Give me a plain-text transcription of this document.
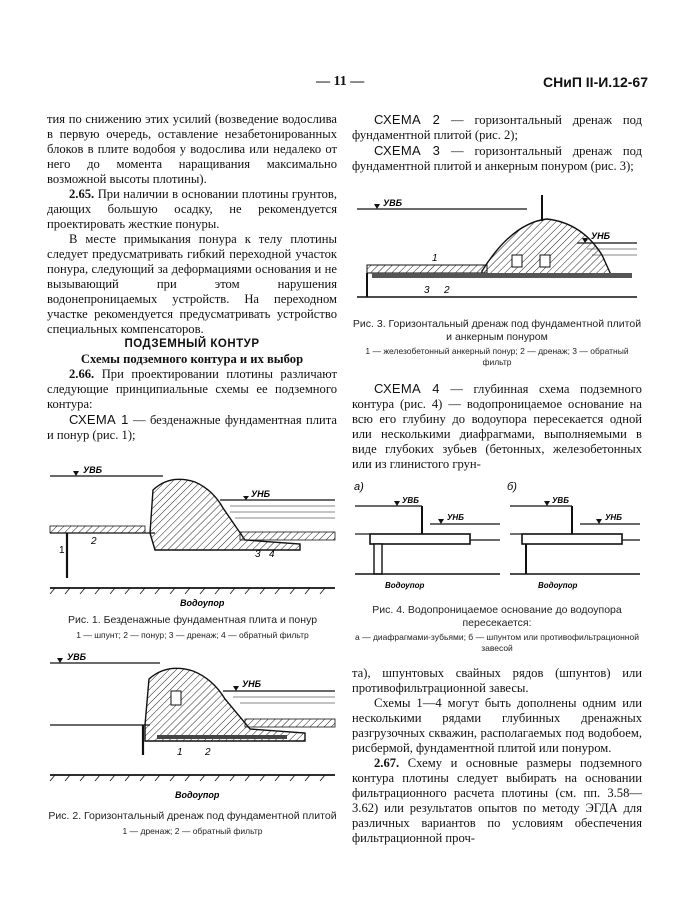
— 11 —	СНиП II-И.12-67

тия по снижению этих усилий (возведение водослива в первую очередь, оставление незабетонированных блоков в плите водобоя у водослива или недалеко от него до момента наращивания максимально возможной высоты плотины).

2.65. При наличии в основании плотины грунтов, дающих большую осадку, не рекомендуется проектировать жесткие понуры.

В месте примыкания понура к телу плотины следует предусматривать гибкий переходной участок понура, следующий за деформациями основания и не вызывающий при этом нарушения водонепроницаемых устройств. На переходном участке рекомендуется предусматривать устройство специальных компенсаторов.

ПОДЗЕМНЫЙ КОНТУР

Схемы подземного контура и их выбор

2.66. При проектировании плотины различают следующие принципиальные схемы ее подземного контура:

СХЕМА 1 — безденажные фундаментная плита и понур (рис. 1);

СХЕМА 2 — горизонтальный дренаж под фундаментной плитой (рис. 2);

СХЕМА 3 — горизонтальный дренаж под фундаментной плитой и анкерным понуром (рис. 3);

СХЕМА 4 — глубинная схема подземного контура (рис. 4) — водопроницаемое основание на всю его глубину до водоупора пересекается одной или несколькими диафрагмами, выполняемыми в виде глубоких зубьев (бетонных, железобетонных или из глинистого грун-

та), шпунтовых свайных рядов (шпунтов) или противофильтрационной завесы.

Схемы 1—4 могут быть дополнены одним или несколькими рядами глубинных дренажных разгрузочных скважин, располагаемых под водобоем, рисбермой, фундаментной плитой или понуром.

2.67. Схему и основные размеры подземного контура плотины следует выбирать на основании фильтрационного расчета плотины (см. пп. 3.58—3.62) или результатов опытов по методу ЭГДА для различных вариантов по условиям обеспечения фильтрационной проч-

УВБ
УНБ
1
2
3 4
Водоупор
Рис. 1. Безденажные фундаментная плита и понур
1 — шпунт; 2 — понур; 3 — дренаж; 4 — обратный фильтр
УВБ
УНБ
1 2
Водоупор
Рис. 2. Горизонтальный дренаж под фундаментной плитой
1 — дренаж; 2 — обратный фильтр
УВБ
УНБ
1
2
3
Рис. 3. Горизонтальный дренаж под фундаментной плитой и анкерным понуром
1 — железобетонный анкерный понур; 2 — дренаж; 3 — обратный фильтр
а)	б)
УВБ
УНБ
Водоупор
УВБ
УНБ
Водоупор
Рис. 4. Водопроницаемое основание до водоупора пересекается:
а — диафрагмами-зубьями; б — шпунтом или противофильтрационной завесой
